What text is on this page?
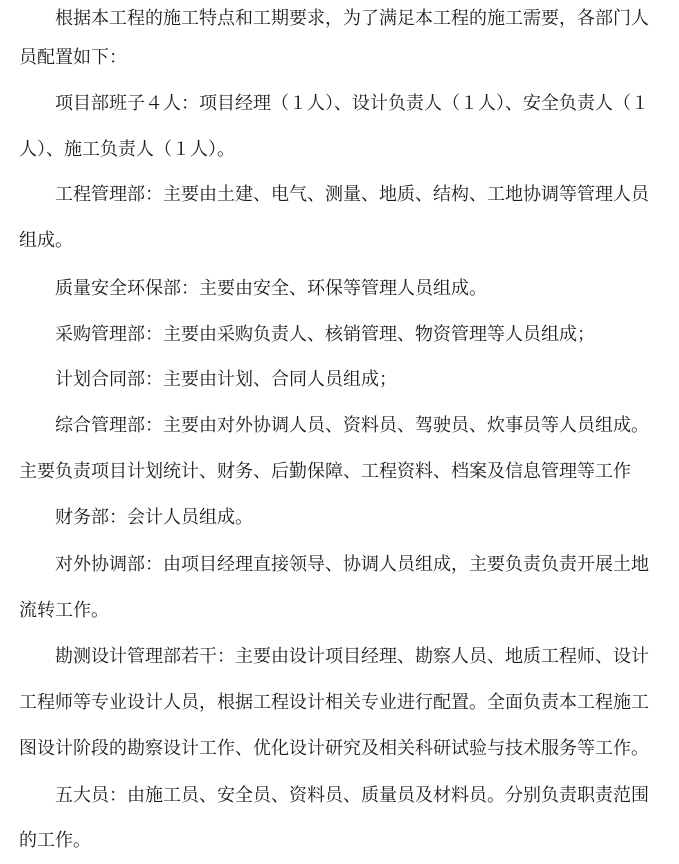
根据本工程的施工特点和工期要求，为了满足本工程的施工需要，各部门人
员配置如下：
项目部班子４人：项目经理（１人）、设计负责人（１人）、安全负责人（１
人）、施工负责人（１人）。
工程管理部：主要由土建、电气、测量、地质、结构、工地协调等管理人员
组成。
质量安全环保部：主要由安全、环保等管理人员组成。
采购管理部：主要由采购负责人、核销管理、物资管理等人员组成；
计划合同部：主要由计划、合同人员组成；
综合管理部：主要由对外协调人员、资料员、驾驶员、炊事员等人员组成。
主要负责项目计划统计、财务、后勤保障、工程资料、档案及信息管理等工作
财务部：会计人员组成。
对外协调部：由项目经理直接领导、协调人员组成，主要负责负责开展土地
流转工作。
勘测设计管理部若干：主要由设计项目经理、勘察人员、地质工程师、设计
工程师等专业设计人员，根据工程设计相关专业进行配置。全面负责本工程施工
图设计阶段的勘察设计工作、优化设计研究及相关科研试验与技术服务等工作。
五大员：由施工员、安全员、资料员、质量员及材料员。分别负责职责范围
的工作。
